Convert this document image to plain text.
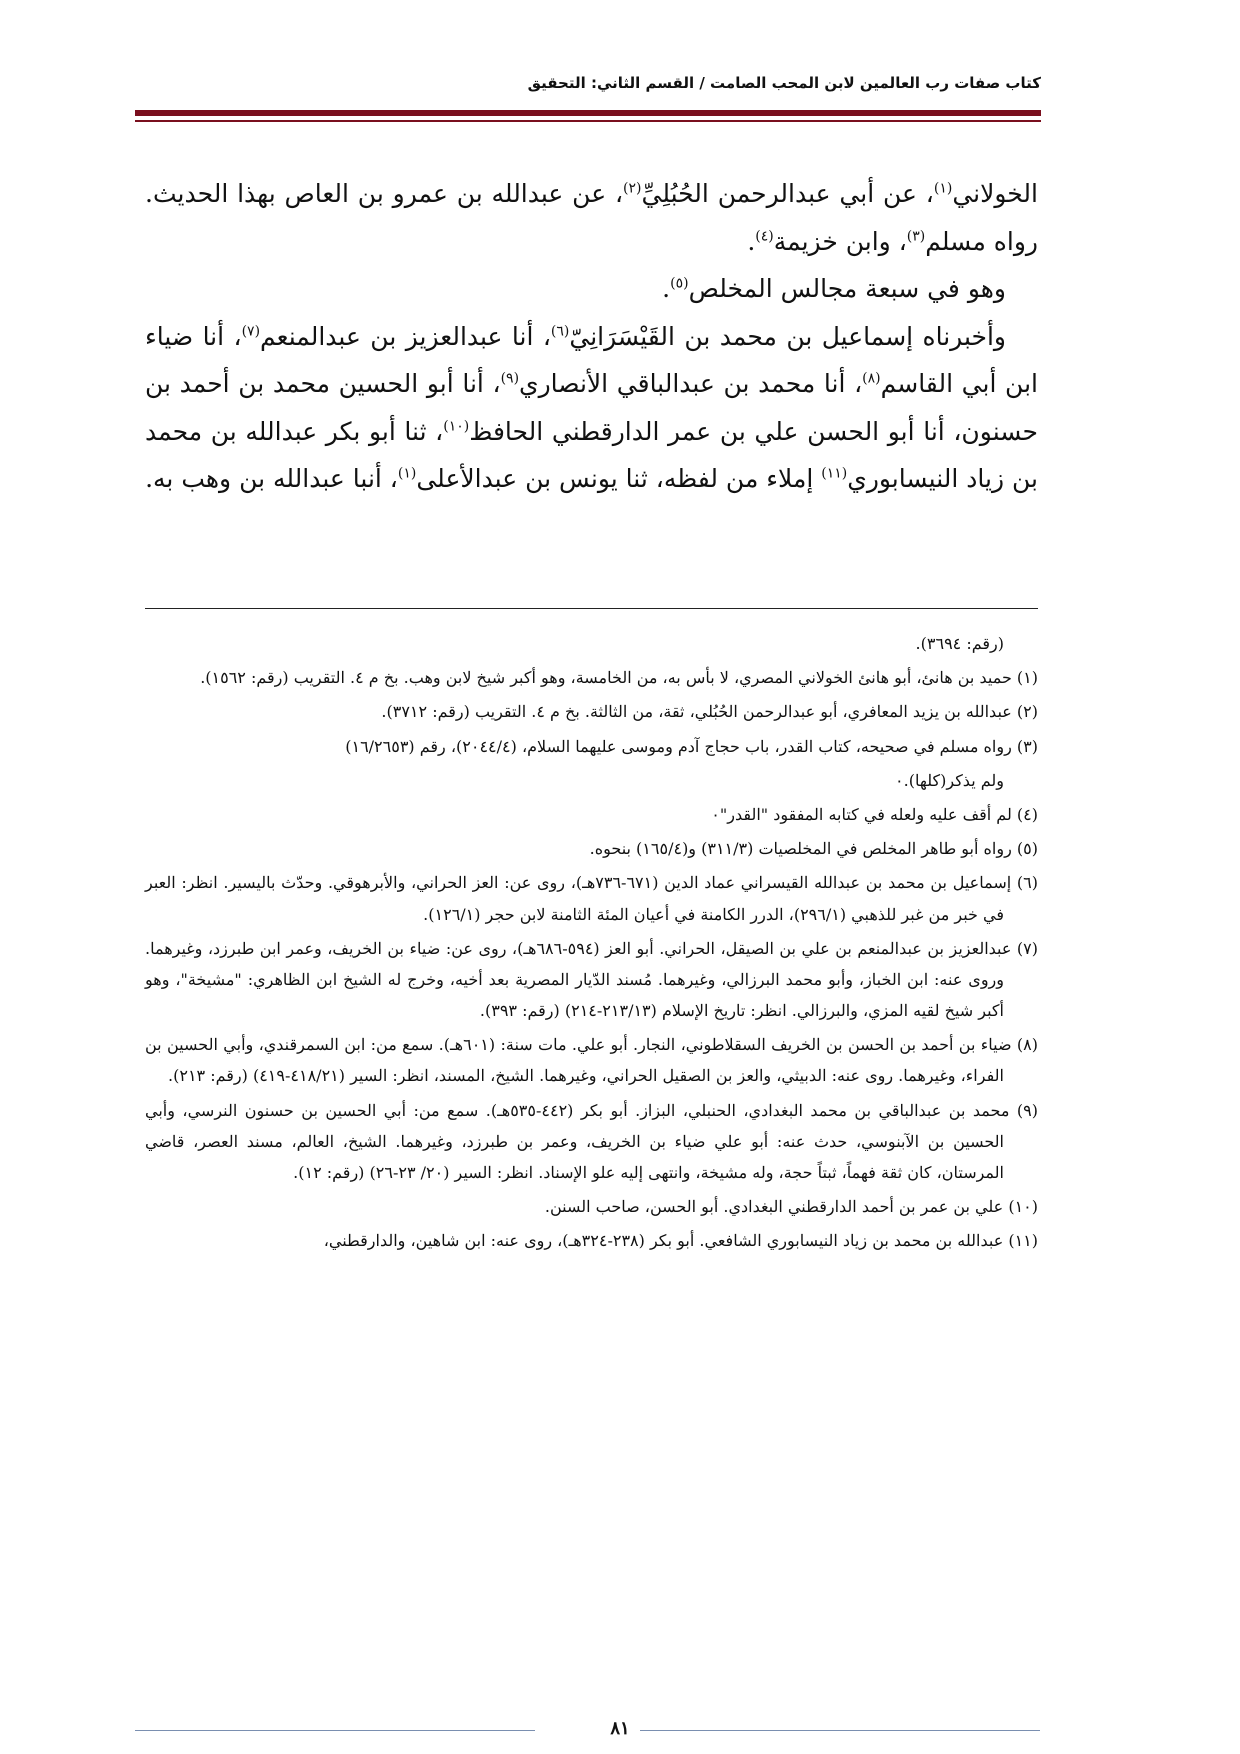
كتاب صفات رب العالمين لابن المحب الصامت / القسم الثاني: التحقيق

الخولاني$^{(١)}$، عن أبي عبدالرحمن الحُبُلِيِّ$^{(٢)}$، عن عبدالله بن عمرو بن العاص بهذا الحديث. رواه مسلم$^{(٣)}$، وابن خزيمة$^{(٤)}$.

وهو في سبعة مجالس المخلص$^{(٥)}$.

وأخبرناه إسماعيل بن محمد بن القَيْسَرَانِيّ$^{(٦)}$، أنا عبدالعزيز بن عبدالمنعم$^{(٧)}$، أنا ضياء ابن أبي القاسم$^{(٨)}$، أنا محمد بن عبدالباقي الأنصاري$^{(٩)}$، أنا أبو الحسين محمد بن أحمد بن حسنون، أنا أبو الحسن علي بن عمر الدارقطني الحافظ$^{(١٠)}$، ثنا أبو بكر عبدالله بن محمد بن زياد النيسابوري$^{(١١)}$ إملاء من لفظه، ثنا يونس بن عبدالأعلى$^{(١)}$، أنبا عبدالله بن وهب به.

(رقم: ٣٦٩٤).

(١) حميد بن هانئ، أبو هانئ الخولاني المصري، لا بأس به، من الخامسة، وهو أكبر شيخ لابن وهب. بخ م ٤. التقريب (رقم: ١٥٦٢).

(٢) عبدالله بن يزيد المعافري، أبو عبدالرحمن الحُبُلي، ثقة، من الثالثة. بخ م ٤. التقريب (رقم: ٣٧١٢).

(٣) رواه مسلم في صحيحه، كتاب القدر، باب حجاج آدم وموسى عليهما السلام، (٢٠٤٤/٤)، رقم (١٦/٢٦٥٣)

ولم يذكر(كلها).٠

(٤) لم أقف عليه ولعله في كتابه المفقود "القدر"٠

(٥) رواه أبو طاهر المخلص في المخلصيات (٣١١/٣) و(١٦٥/٤) بنحوه.

(٦) إسماعيل بن محمد بن عبدالله القيسراني عماد الدين (٦٧١-٧٣٦هـ)، روى عن: العز الحراني، والأبرهوقي. وحدّث باليسير. انظر: العبر في خبر من غبر للذهبي (٢٩٦/١)، الدرر الكامنة في أعيان المئة الثامنة لابن حجر (١٢٦/١).

(٧) عبدالعزيز بن عبدالمنعم بن علي بن الصيقل، الحراني. أبو العز (٥٩٤-٦٨٦هـ)، روى عن: ضياء بن الخريف، وعمر ابن طبرزد، وغيرهما. وروى عنه: ابن الخباز، وأبو محمد البرزالي، وغيرهما. مُسند الدّيار المصرية بعد أخيه، وخرج له الشيخ ابن الظاهري: "مشيخة"، وهو أكبر شيخ لقيه المزي، والبرزالي. انظر: تاريخ الإسلام (٢١٣/١٣-٢١٤) (رقم: ٣٩٣).

(٨) ضياء بن أحمد بن الحسن بن الخريف السقلاطوني، النجار. أبو علي. مات سنة: (٦٠١هـ). سمع من: ابن السمرقندي، وأبي الحسين بن الفراء، وغيرهما. روى عنه: الدبيثي، والعز بن الصقيل الحراني، وغيرهما. الشيخ، المسند، انظر: السير (٤١٨/٢١-٤١٩) (رقم: ٢١٣).

(٩) محمد بن عبدالباقي بن محمد البغدادي، الحنبلي، البزاز. أبو بكر (٤٤٢-٥٣٥هـ). سمع من: أبي الحسين بن حسنون النرسي، وأبي الحسين بن الآبنوسي، حدث عنه: أبو علي ضياء بن الخريف، وعمر بن طبرزد، وغيرهما. الشيخ، العالم، مسند العصر، قاضي المرستان، كان ثقة فهماً، ثبتاً حجة، وله مشيخة، وانتهى إليه علو الإسناد. انظر: السير (٢٠/ ٢٣-٢٦) (رقم: ١٢).

(١٠) علي بن عمر بن أحمد الدارقطني البغدادي. أبو الحسن، صاحب السنن.

(١١) عبدالله بن محمد بن زياد النيسابوري الشافعي. أبو بكر (٢٣٨-٣٢٤هـ)، روى عنه: ابن شاهين، والدارقطني،

٨١
